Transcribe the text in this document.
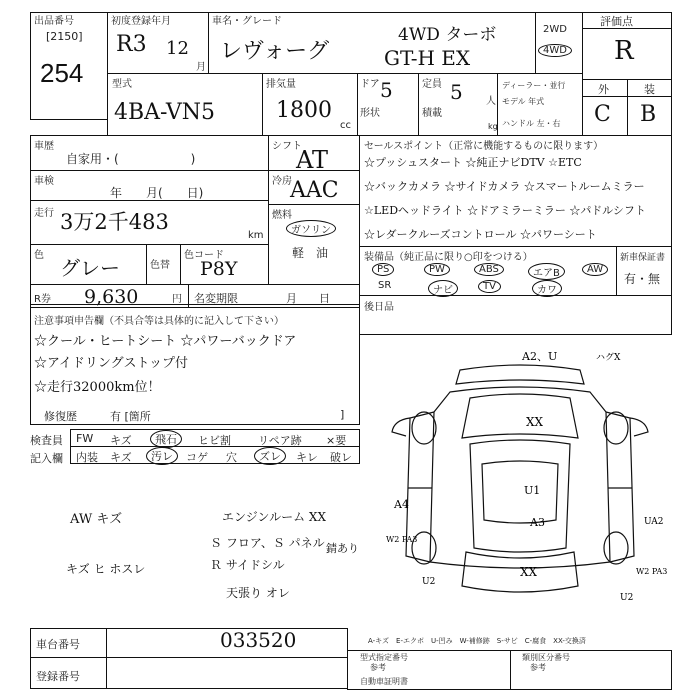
出品番号
[2150]
254
初度登録年月
R3 12
月
車名・グレード
レヴォーグ
4WD ターボ
GT-H EX
2WD
4WD
評価点
R
型式
4BA-VN5
排気量
1800
cc
ドア 5
形状
定員 5 人
積載
kg
ディーラー・並行
モデル 年式
ハンドル 左・右
外	装
C B
車歴
自家用・(　　　　　　)
車検
年　　月(　　日)
走行 3万2千483
km
色
グレー	色替
色コード
P8Y
シフト
AT
冷房
AAC
燃料
ガソリン
軽　油
R券 9,630	円 名変期限	月　　日
セールスポイント（正常に機能するものに限ります）
☆プッシュスタート ☆純正ナビDTV ☆ETC
☆バックカメラ ☆サイドカメラ ☆スマートルームミラー
☆LEDヘッドライト ☆ドアミラーミラー ☆パドルシフト
☆レダークルーズコントロール ☆パワーシート
装備品（純正品に限り○印をつける）
PS	PW	ABS	エアB	AW
SR	ナビ	TV	カワ
新車保証書
有・無
後日品
注意事項申告欄（不具合等は具体的に記入して下さい）
☆クール・ヒートシート ☆パワーバックドア
☆アイドリングストップ付
☆走行32000km位！
修復歴	有 [箇所	]
検査員
記入欄
FW キズ	飛石	ヒビ割 リペア跡 ×要
内装 キズ	汚レ	コゲ 穴	ズレ	キレ 破レ
AW キズ
キズ ヒ ホスレ
エンジンルーム XX
Ｓ フロア、Ｓ パネル
Ｒ サイドシル
天張り オレ
錆あり
A2、U	ハグX
XX
U1
A3
A4
W2 PA3
W2 PA3
XX
U2
U2
UA2
A-キズ　E-エクボ　U-凹み　W-補修跡　S-サビ　C-腐食　XX-交換済
車台番号	033520
登録番号
型式指定番号
参考
類別区分番号
参考
自動車証明書
